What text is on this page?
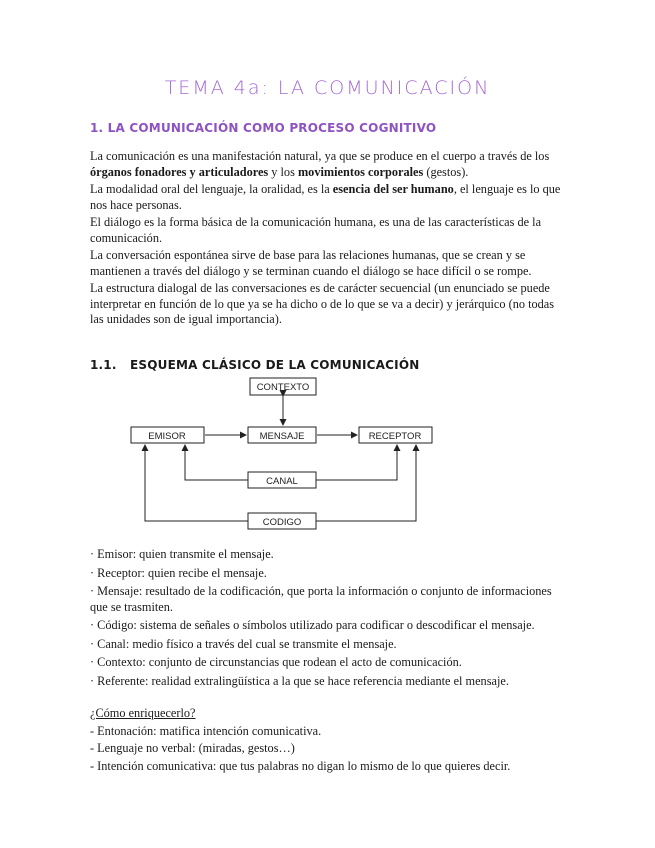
TEMA 4a: LA COMUNICACIÓN
1. LA COMUNICACIÓN COMO PROCESO COGNITIVO

La comunicación es una manifestación natural, ya que se produce en el cuerpo a través de los órganos fonadores y articuladores y los movimientos corporales (gestos).

La modalidad oral del lenguaje, la oralidad, es la esencia del ser humano, el lenguaje es lo que nos hace personas.

El diálogo es la forma básica de la comunicación humana, es una de las características de la comunicación.

La conversación espontánea sirve de base para las relaciones humanas, que se crean y se mantienen a través del diálogo y se terminan cuando el diálogo se hace difícil o se rompe.

La estructura dialogal de las conversaciones es de carácter secuencial (un enunciado se puede interpretar en función de lo que ya se ha dicho o de lo que se va a decir) y jerárquico (no todas las unidades son de igual importancia).

1.1. ESQUEMA CLÁSICO DE LA COMUNICACIÓN
CONTEXTO
EMISOR	MENSAJE	RECEPTOR
CANAL
CODIGO
· Emisor: quien transmite el mensaje.
· Receptor: quien recibe el mensaje.
· Mensaje: resultado de la codificación, que porta la información o conjunto de informaciones que se trasmiten.
· Código: sistema de señales o símbolos utilizado para codificar o descodificar el mensaje.
· Canal: medio físico a través del cual se transmite el mensaje.
· Contexto: conjunto de circunstancias que rodean el acto de comunicación.
· Referente: realidad extralingüística a la que se hace referencia mediante el mensaje.
¿Cómo enriquecerlo?
- Entonación: matifica intención comunicativa.
- Lenguaje no verbal: (miradas, gestos…)
- Intención comunicativa: que tus palabras no digan lo mismo de lo que quieres decir.
